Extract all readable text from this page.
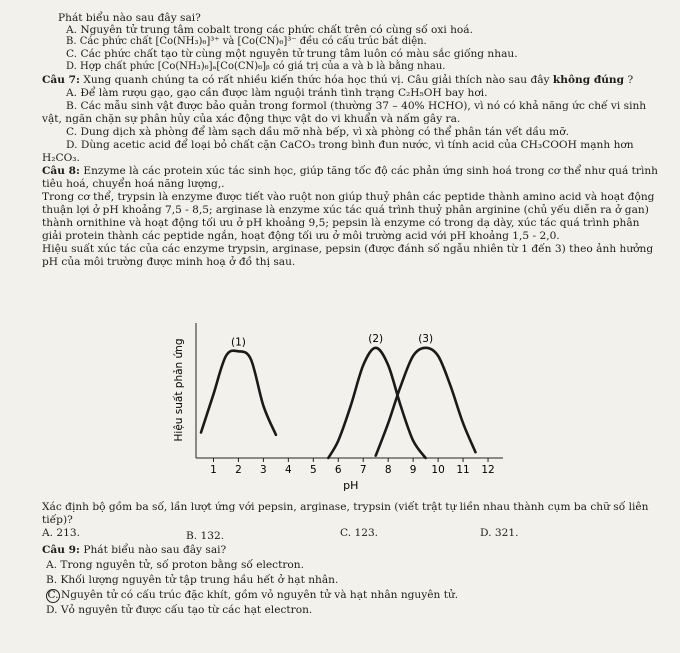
Phát biểu nào sau đây sai?
A. Nguyên tử trung tâm cobalt trong các phức chất trên có cùng số oxi hoá.
B. Các phức chất [Co(NH₃)₆]³⁺ và [Co(CN)₆]³⁻ đều có cấu trúc bát diện.
C. Các phức chất tạo từ cùng một nguyên tử trung tâm luôn có màu sắc giống nhau.
D. Hợp chất phức [Co(NH₃)₆]ₐ[Co(CN)₆]ᵦ có giá trị của a và b là bằng nhau.
Câu 7: Xung quanh chúng ta có rất nhiều kiến thức hóa học thú vị. Câu giải thích nào sau đây không đúng ?
A. Để làm rượu gạo, gạo cần được làm nguội tránh tình trạng C₂H₅OH bay hơi.
B. Các mẫu sinh vật được bảo quản trong formol (thường 37 – 40% HCHO), vì nó có khả năng ức chế vi sinh
vật, ngăn chặn sự phân hủy của xác động thực vật do vi khuẩn và nấm gây ra.
C. Dung dịch xà phòng để làm sạch dầu mỡ nhà bếp, vì xà phòng có thể phân tán vết dầu mỡ.
D. Dùng acetic acid để loại bỏ chất cặn CaCO₃ trong bình đun nước, vì tính acid của CH₃COOH mạnh hơn
H₂CO₃.
Câu 8: Enzyme là các protein xúc tác sinh học, giúp tăng tốc độ các phản ứng sinh hoá trong cơ thể như quá trình
tiêu hoá, chuyển hoá năng lượng,.
Trong cơ thể, trypsin là enzyme được tiết vào ruột non giúp thuỷ phân các peptide thành amino acid và hoạt động
thuận lợi ở pH khoảng 7,5 - 8,5; arginase là enzyme xúc tác quá trình thuỷ phân arginine (chủ yếu diễn ra ở gan)
thành ornithine và hoạt động tối ưu ở pH khoảng 9,5; pepsin là enzyme có trong dạ dày, xúc tác quá trình phân
giải protein thành các peptide ngắn, hoạt động tối ưu ở môi trường acid với pH khoảng 1,5 - 2,0.
Hiệu suất xúc tác của các enzyme trypsin, arginase, pepsin (được đánh số ngẫu nhiên từ 1 đến 3) theo ảnh hưởng
pH của môi trường được minh hoạ ở đồ thị sau.
1 2 3 4 5 6 7 8 9 10 11 12
(1)	(2)	(3)
Hiệu suất phản ứng
pH
Xác định bộ gồm ba số, lần lượt ứng với pepsin, arginase, trypsin (viết trật tự liền nhau thành cụm ba chữ số liên
tiếp)?
A. 213.	B. 132.	C. 123.	D. 321.
Câu 9: Phát biểu nào sau đây sai?
A. Trong nguyên tử, số proton bằng số electron.
B. Khối lượng nguyên tử tập trung hầu hết ở hạt nhân.
C. Nguyên tử có cấu trúc đặc khít, gồm vỏ nguyên tử và hạt nhân nguyên tử.
D. Vỏ nguyên tử được cấu tạo từ các hạt electron.
